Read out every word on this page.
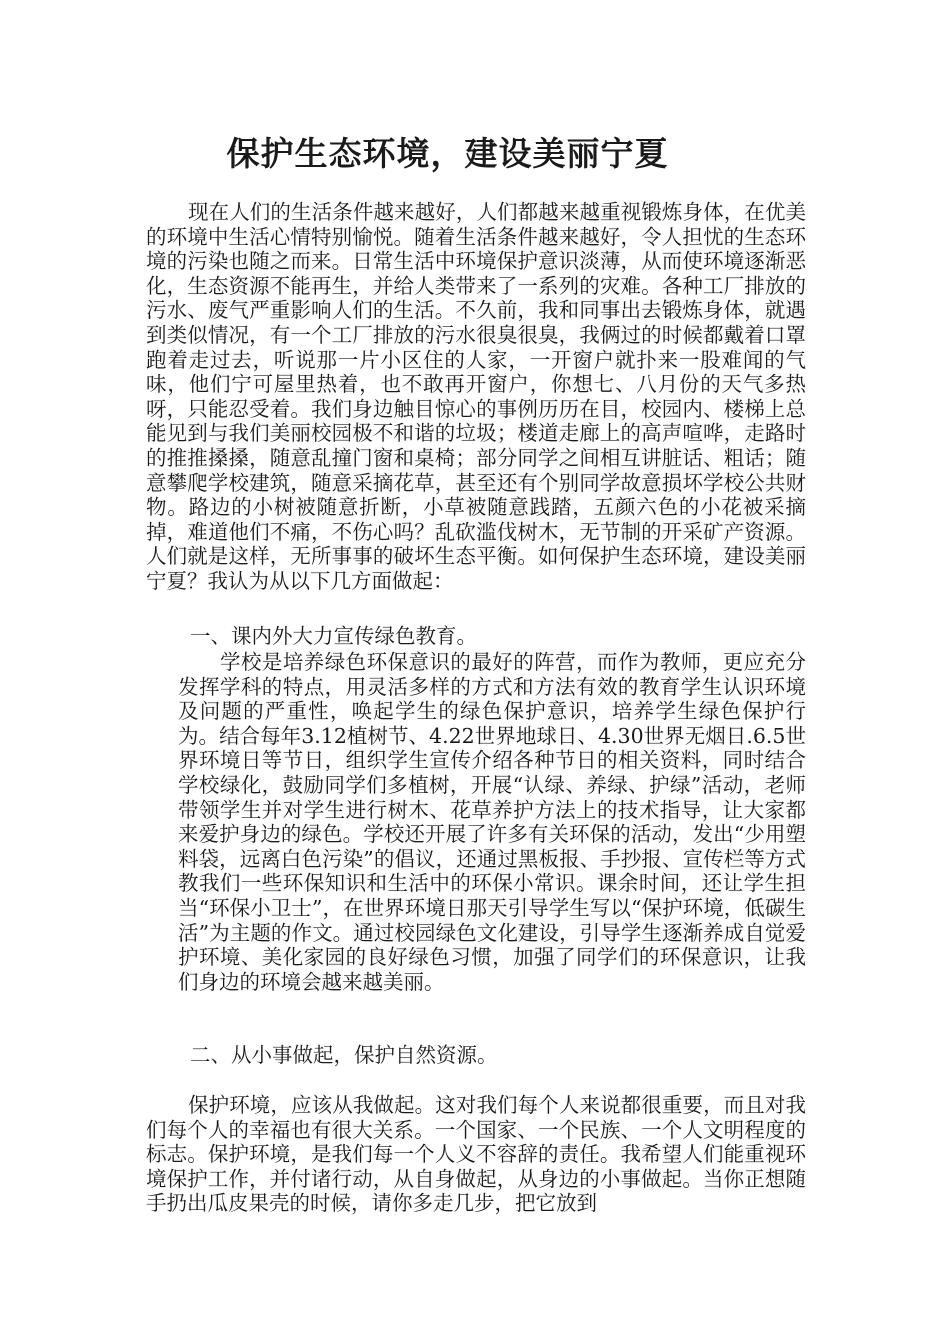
保护生态环境，建设美丽宁夏

现在人们的生活条件越来越好，人们都越来越重视锻炼身体，在优美的环境中生活心情特别愉悦。随着生活条件越来越好，令人担忧的生态环境的污染也随之而来。日常生活中环境保护意识淡薄，从而使环境逐渐恶化，生态资源不能再生，并给人类带来了一系列的灾难。各种工厂排放的污水、废气严重影响人们的生活。不久前，我和同事出去锻炼身体，就遇到类似情况，有一个工厂排放的污水很臭很臭，我俩过的时候都戴着口罩跑着走过去，听说那一片小区住的人家，一开窗户就扑来一股难闻的气味，他们宁可屋里热着，也不敢再开窗户，你想七、八月份的天气多热呀，只能忍受着。我们身边触目惊心的事例历历在目，校园内、楼梯上总能见到与我们美丽校园极不和谐的垃圾；楼道走廊上的高声喧哗，走路时的推推搡搡，随意乱撞门窗和桌椅；部分同学之间相互讲脏话、粗话；随意攀爬学校建筑，随意采摘花草，甚至还有个别同学故意损坏学校公共财物。路边的小树被随意折断，小草被随意践踏，五颜六色的小花被采摘掉，难道他们不痛，不伤心吗？乱砍滥伐树木，无节制的开采矿产资源。人们就是这样，无所事事的破坏生态平衡。如何保护生态环境，建设美丽宁夏？我认为从以下几方面做起：

一、课内外大力宣传绿色教育。

学校是培养绿色环保意识的最好的阵营，而作为教师，更应充分发挥学科的特点，用灵活多样的方式和方法有效的教育学生认识环境及问题的严重性，唤起学生的绿色保护意识，培养学生绿色保护行为。结合每年3.12植树节、4.22世界地球日、4.30世界无烟日.6.5世界环境日等节日，组织学生宣传介绍各种节日的相关资料，同时结合学校绿化，鼓励同学们多植树，开展“认绿、养绿、护绿”活动，老师带领学生并对学生进行树木、花草养护方法上的技术指导，让大家都来爱护身边的绿色。学校还开展了许多有关环保的活动，发出“少用塑料袋，远离白色污染”的倡议，还通过黑板报、手抄报、宣传栏等方式教我们一些环保知识和生活中的环保小常识。课余时间，还让学生担当“环保小卫士”，在世界环境日那天引导学生写以“保护环境，低碳生活”为主题的作文。通过校园绿色文化建设，引导学生逐渐养成自觉爱护环境、美化家园的良好绿色习惯，加强了同学们的环保意识，让我们身边的环境会越来越美丽。

二、从小事做起，保护自然资源。

保护环境，应该从我做起。这对我们每个人来说都很重要，而且对我们每个人的幸福也有很大关系。一个国家、一个民族、一个人文明程度的标志。保护环境，是我们每一个人义不容辞的责任。我希望人们能重视环境保护工作，并付诸行动，从自身做起，从身边的小事做起。当你正想随手扔出瓜皮果壳的时候，请你多走几步，把它放到
